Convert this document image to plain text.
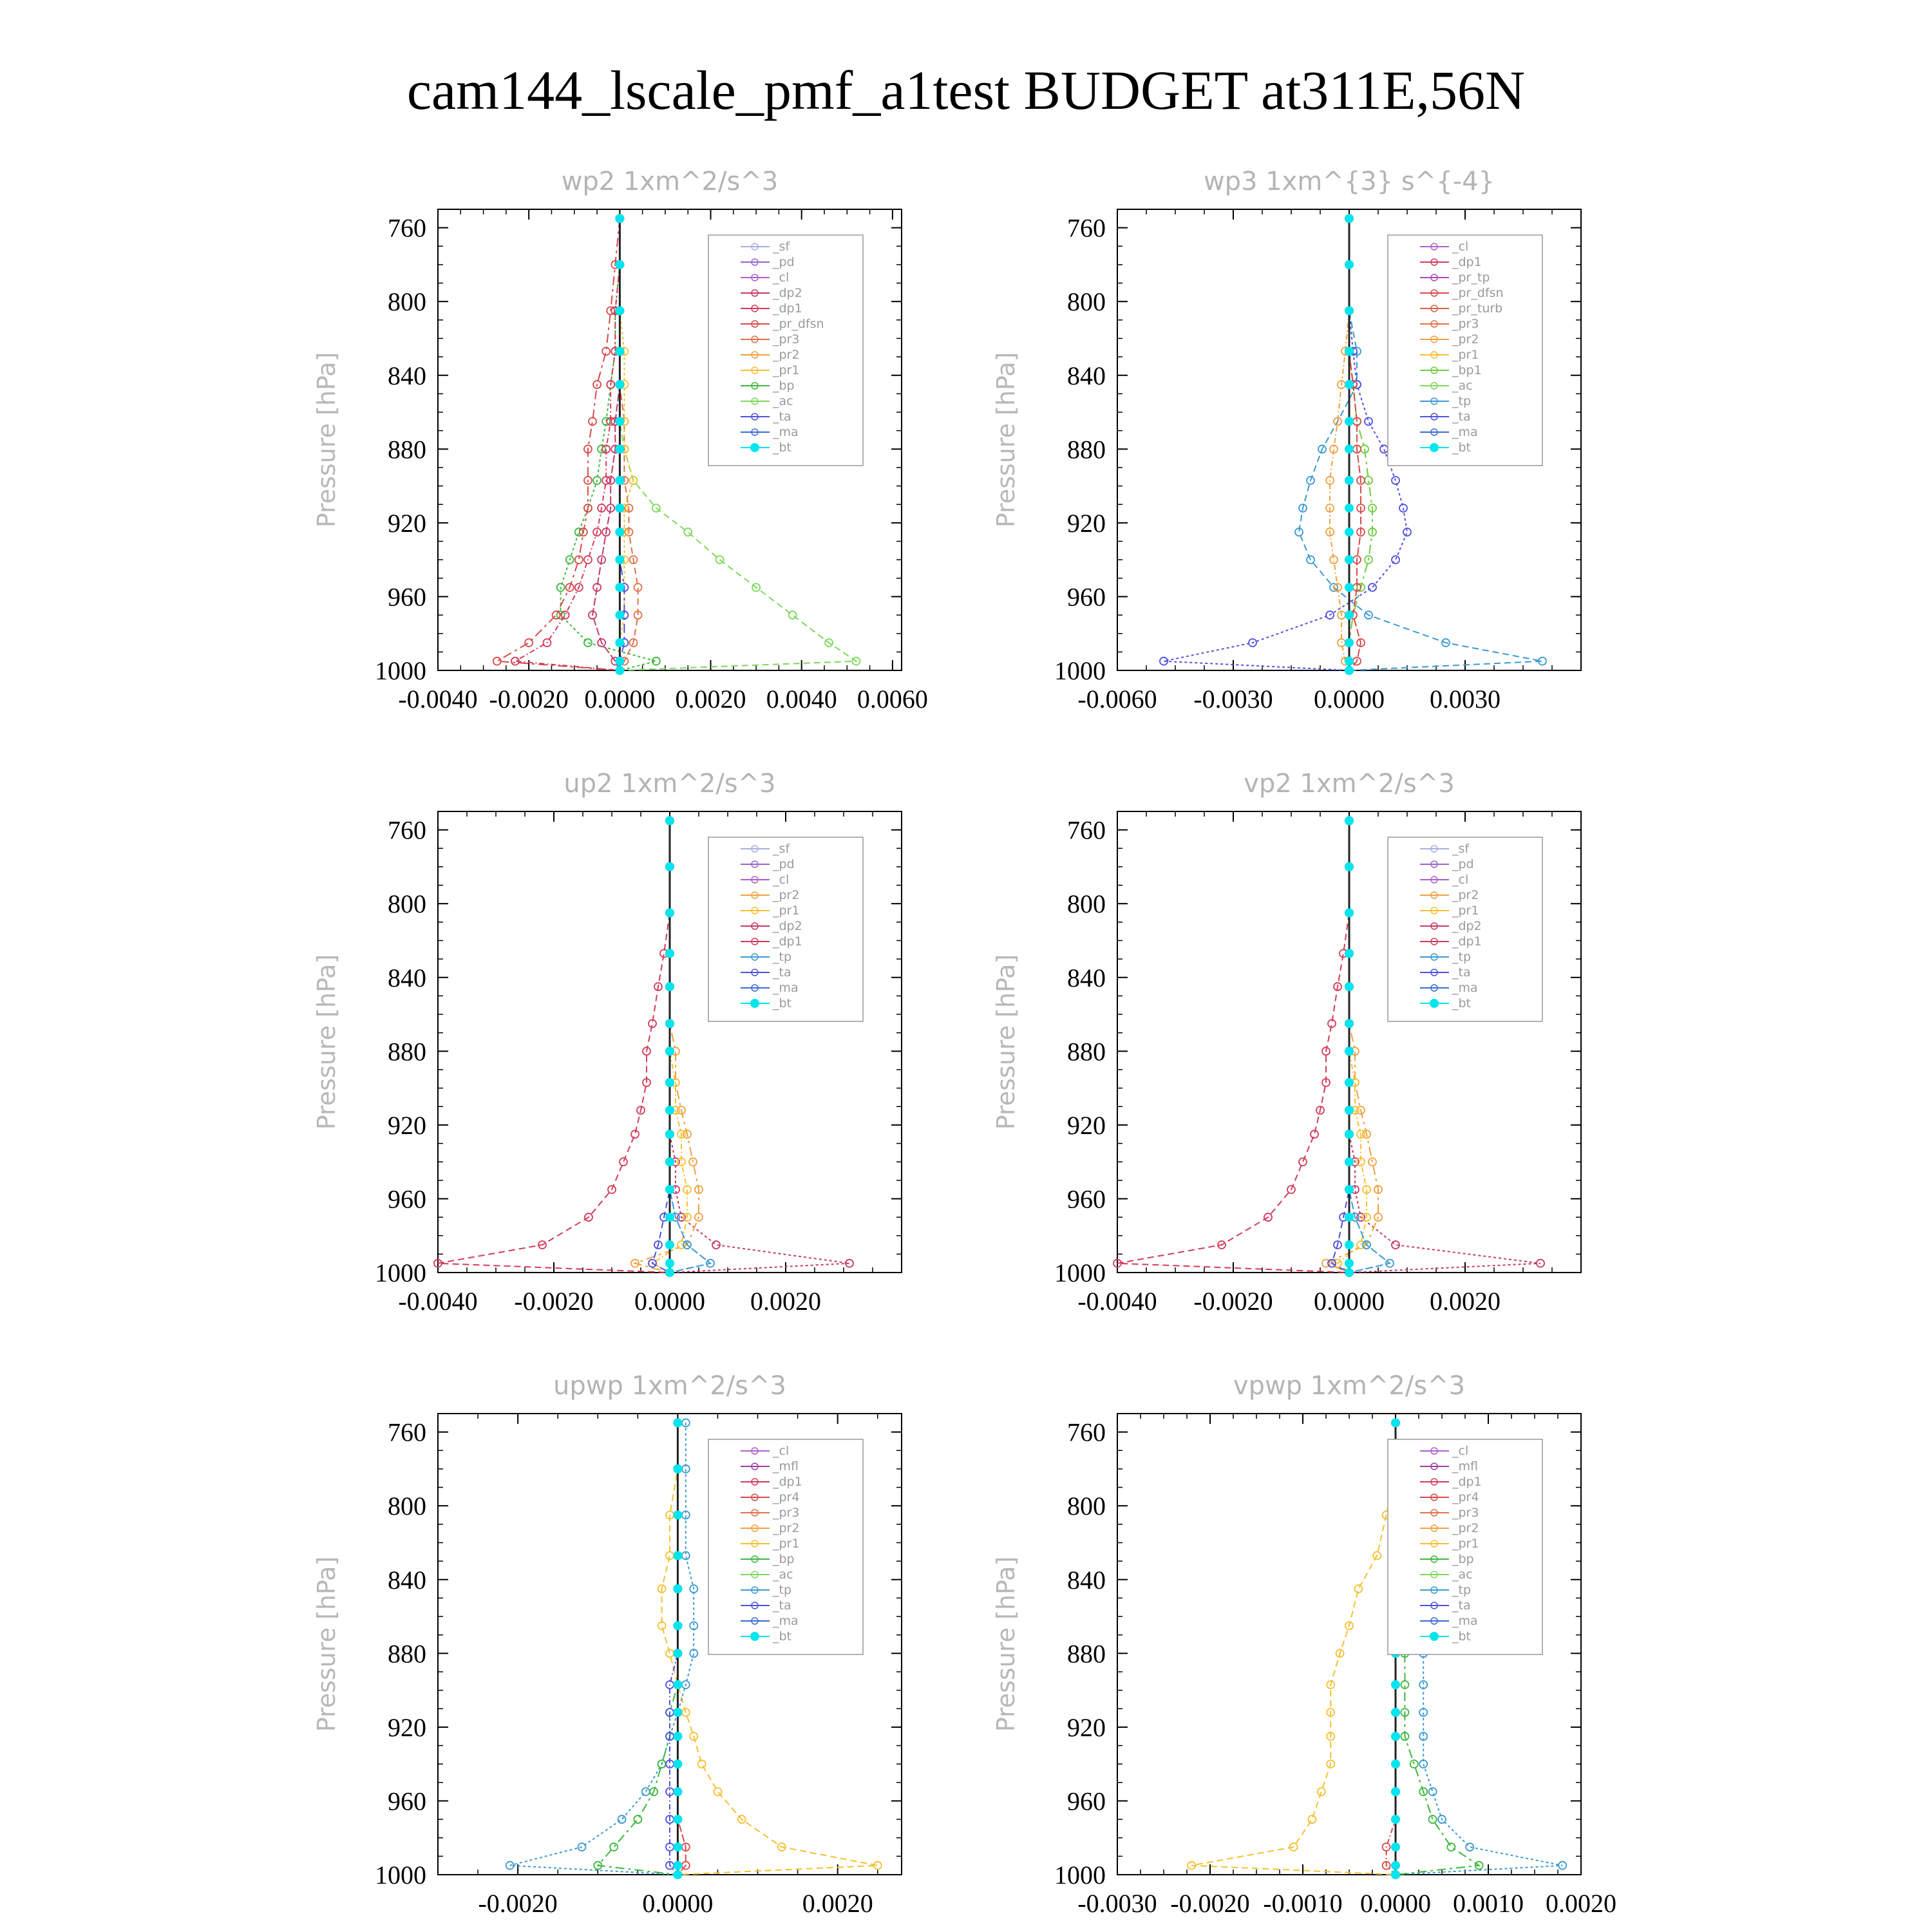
cam144_lscale_pmf_a1test BUDGET at311E,56N
wp2 1xm^2/s^3
Pressure [hPa]
760
800
840
880
920
960
1000
-0.0040 -0.0020 0.0000 0.0020 0.0040 0.0060
_sf
_pd
_cl
_dp2
_dp1
_pr_dfsn
_pr3
_pr2
_pr1
_bp
_ac
_ta
_ma
_bt
wp3 1xm^{3} s^{-4}
Pressure [hPa]
760
800
840
880
920
960
1000
-0.0060 -0.0030 0.0000 0.0030
_cl
_dp1
_pr_tp
_pr_dfsn
_pr_turb
_pr3
_pr2
_pr1
_bp1
_ac
_tp
_ta
_ma
_bt
up2 1xm^2/s^3
Pressure [hPa]
760
800
840
880
920
960
1000
-0.0040 -0.0020 0.0000 0.0020
_sf
_pd
_cl
_pr2
_pr1
_dp2
_dp1
_tp
_ta
_ma
_bt
vp2 1xm^2/s^3
Pressure [hPa]
760
800
840
880
920
960
1000
-0.0040 -0.0020 0.0000 0.0020
_sf
_pd
_cl
_pr2
_pr1
_dp2
_dp1
_tp
_ta
_ma
_bt
upwp 1xm^2/s^3
Pressure [hPa]
760
800
840
880
920
960
1000
-0.0020	0.0000	0.0020
_cl
_mfl
_dp1
_pr4
_pr3
_pr2
_pr1
_bp
_ac
_tp
_ta
_ma
_bt
vpwp 1xm^2/s^3
Pressure [hPa]
760
800
840
880
920
960
1000
-0.0030 -0.0020 -0.0010 0.0000 0.0010 0.0020
_cl
_mfl
_dp1
_pr4
_pr3
_pr2
_pr1
_bp
_ac
_tp
_ta
_ma
_bt
